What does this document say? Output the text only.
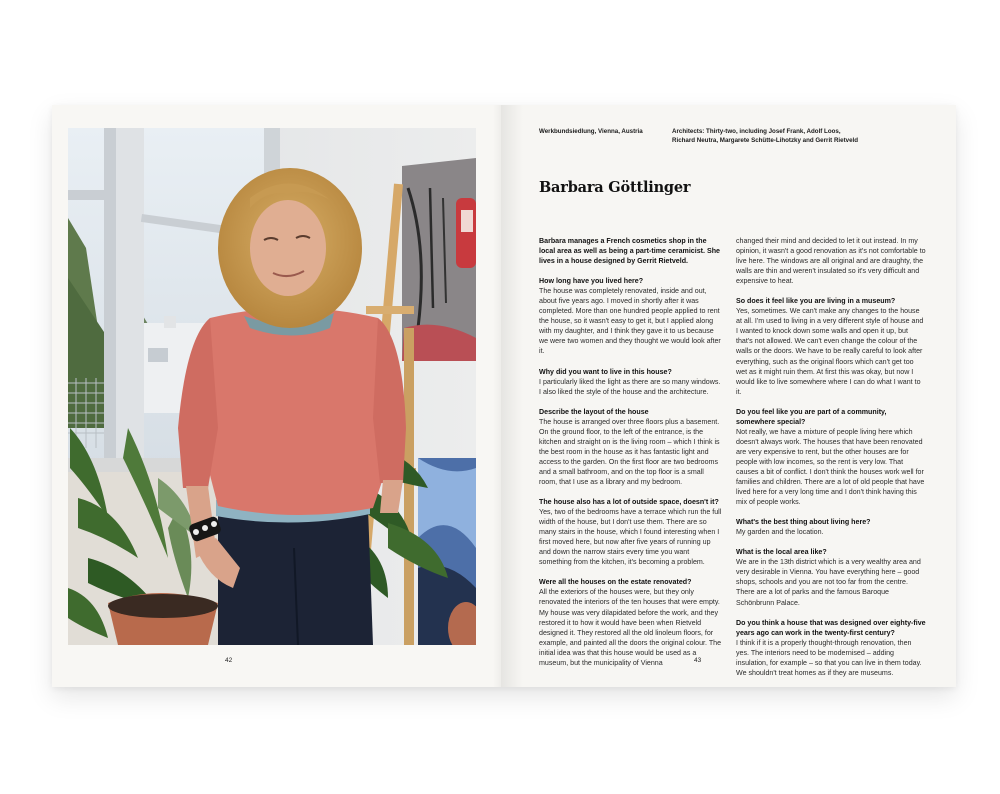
42
Werkbundsiedlung, Vienna, Austria	Architects: Thirty-two, including Josef Frank, Adolf Loos,
Richard Neutra, Margarete Schütte-Lihotzky and Gerrit Rietveld
Barbara Göttlinger

Barbara manages a French cosmetics shop in the local area as well as being a part-time ceramicist. She lives in a house designed by Gerrit Rietveld.

How long have you lived here?
The house was completely renovated, inside and out, about five years ago. I moved in shortly after it was completed. More than one hundred people applied to rent the house, so it wasn't easy to get it, but I applied along with my daughter, and I think they gave it to us because we were two women and they thought we would look after it.
Why did you want to live in this house?
I particularly liked the light as there are so many windows. I also liked the style of the house and the architecture.
Describe the layout of the house
The house is arranged over three floors plus a basement. On the ground floor, to the left of the entrance, is the kitchen and straight on is the living room – which I think is the best room in the house as it has fantastic light and access to the garden. On the first floor are two bedrooms and a small bathroom, and on the top floor is a small room, that I use as a library and my bedroom.
The house also has a lot of outside space, doesn't it?
Yes, two of the bedrooms have a terrace which run the full width of the house, but I don't use them. There are so many stairs in the house, which I found interesting when I first moved here, but now after five years of running up and down the narrow stairs every time you want something from the kitchen, it's becoming a problem.
Were all the houses on the estate renovated?
All the exteriors of the houses were, but they only renovated the interiors of the ten houses that were empty. My house was very dilapidated before the work, and they restored it to how it would have been when Rietveld designed it. They restored all the old linoleum floors, for example, and painted all the doors the original colour. The initial idea was that this house would be used as a museum, but the municipality of Vienna

changed their mind and decided to let it out instead. In my opinion, it wasn't a good renovation as it's not comfortable to live here. The windows are all original and are draughty, the walls are thin and weren't insulated so it's very difficult and expensive to heat.

So does it feel like you are living in a museum?
Yes, sometimes. We can't make any changes to the house at all. I'm used to living in a very different style of house and I wanted to knock down some walls and open it up, but that's not allowed. We can't even change the colour of the walls or the doors. We have to be really careful to look after everything, such as the original floors which can't get too wet as it might ruin them. At first this was okay, but now I would like to live somewhere where I can do what I want to it.
Do you feel like you are part of a community, somewhere special?
Not really, we have a mixture of people living here which doesn't always work. The houses that have been renovated are very expensive to rent, but the other houses are for people with low incomes, so the rent is very low. That causes a bit of conflict. I don't think the houses work well for families and children. There are a lot of old people that have lived here for a very long time and I don't think having this mix of people works.
What's the best thing about living here?
My garden and the location.
What is the local area like?
We are in the 13th district which is a very wealthy area and very desirable in Vienna. You have everything here – good shops, schools and you are not too far from the centre. There are a lot of parks and the famous Baroque Schönbrunn Palace.
Do you think a house that was designed over eighty-five years ago can work in the twenty-first century?
I think if it is a properly thought-through renovation, then yes. The interiors need to be modernised – adding insulation, for example – so that you can live in them today. We shouldn't treat homes as if they are museums.
43
